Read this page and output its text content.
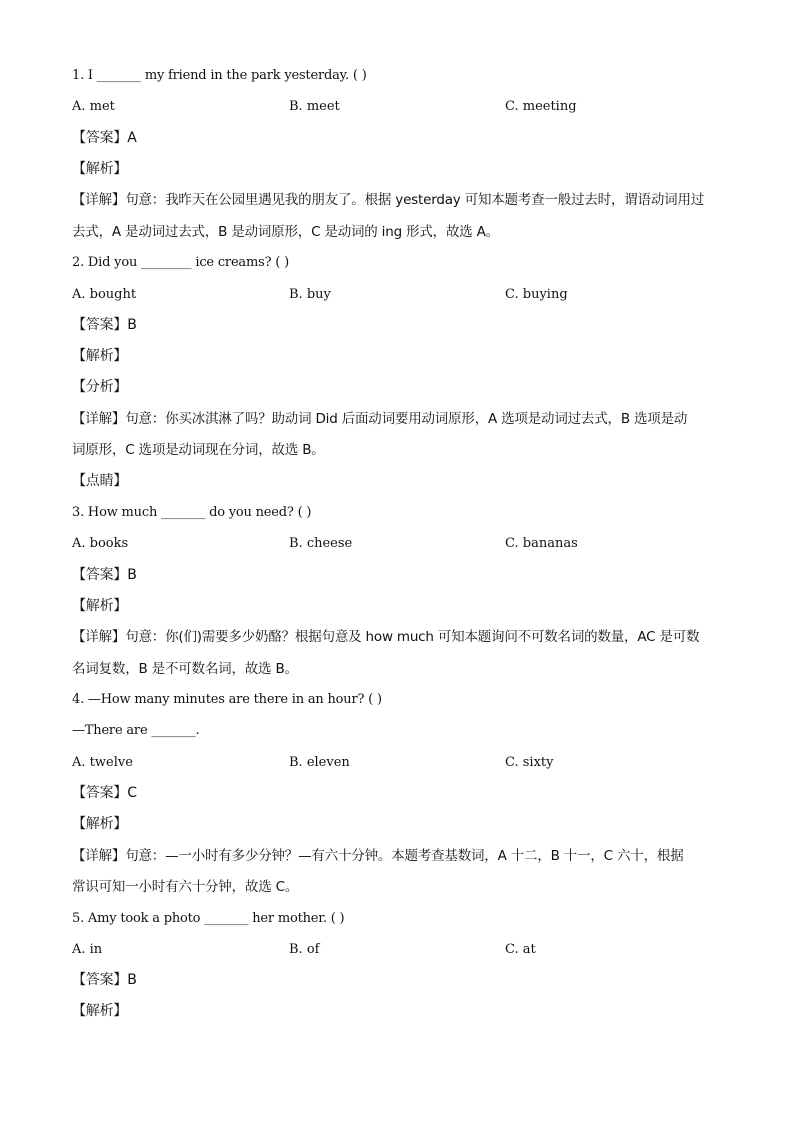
1. I _______ my friend in the park yesterday. ( )
A. met	B. meet	C. meeting
【答案】A
【解析】
【详解】句意：我昨天在公园里遇见我的朋友了。根据 yesterday 可知本题考查一般过去时，谓语动词用过
去式，A 是动词过去式，B 是动词原形，C 是动词的 ing 形式，故选 A。
2. Did you ________ ice creams? ( )
A. bought	B. buy	C. buying
【答案】B
【解析】
【分析】
【详解】句意：你买冰淇淋了吗？助动词 Did 后面动词要用动词原形，A 选项是动词过去式，B 选项是动
词原形，C 选项是动词现在分词，故选 B。
【点睛】
3. How much _______ do you need? ( )
A. books	B. cheese	C. bananas
【答案】B
【解析】
【详解】句意：你(们)需要多少奶酪？根据句意及 how much 可知本题询问不可数名词的数量，AC 是可数
名词复数，B 是不可数名词，故选 B。
4. —How many minutes are there in an hour? ( )
—There are _______.
A. twelve	B. eleven	C. sixty
【答案】C
【解析】
【详解】句意：—一小时有多少分钟？—有六十分钟。本题考查基数词，A 十二，B 十一，C 六十，根据
常识可知一小时有六十分钟，故选 C。
5. Amy took a photo _______ her mother. ( )
A. in	B. of	C. at
【答案】B
【解析】
